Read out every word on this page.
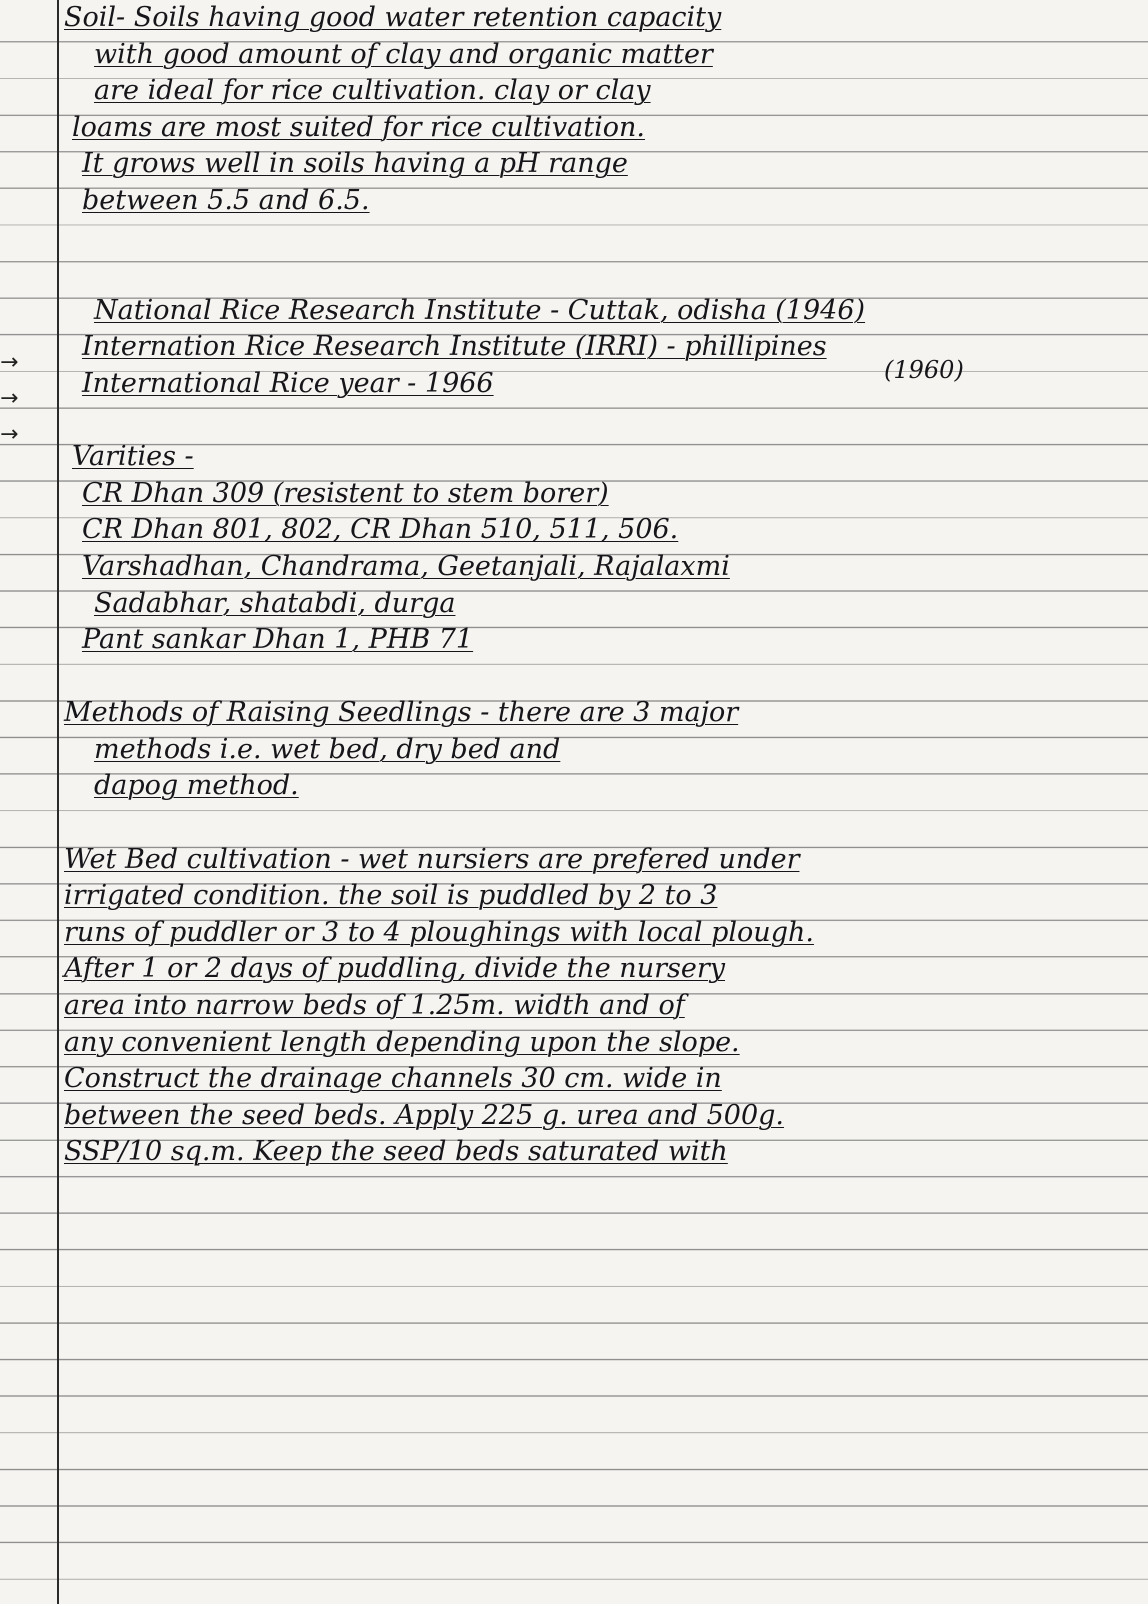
→
→
→
Soil- Soils having good water retention capacity
with good amount of clay and organic matter
are ideal for rice cultivation. clay or clay
loams are most suited for rice cultivation.
It grows well in soils having a pH range
between 5.5 and 6.5.
National Rice Research Institute - Cuttak, odisha (1946)
Internation Rice Research Institute (IRRI) - phillipines
International Rice year - 1966	(1960)
Varities -
CR Dhan 309 (resistent to stem borer)
CR Dhan 801, 802, CR Dhan 510, 511, 506.
Varshadhan, Chandrama, Geetanjali, Rajalaxmi
Sadabhar, shatabdi, durga
Pant sankar Dhan 1, PHB 71
Methods of Raising Seedlings - there are 3 major
methods i.e. wet bed, dry bed and
dapog method.
Wet Bed cultivation - wet nursiers are prefered under
irrigated condition. the soil is puddled by 2 to 3
runs of puddler or 3 to 4 ploughings with local plough.
After 1 or 2 days of puddling, divide the nursery
area into narrow beds of 1.25m. width and of
any convenient length depending upon the slope.
Construct the drainage channels 30 cm. wide in
between the seed beds. Apply 225 g. urea and 500g.
SSP/10 sq.m. Keep the seed beds saturated with
